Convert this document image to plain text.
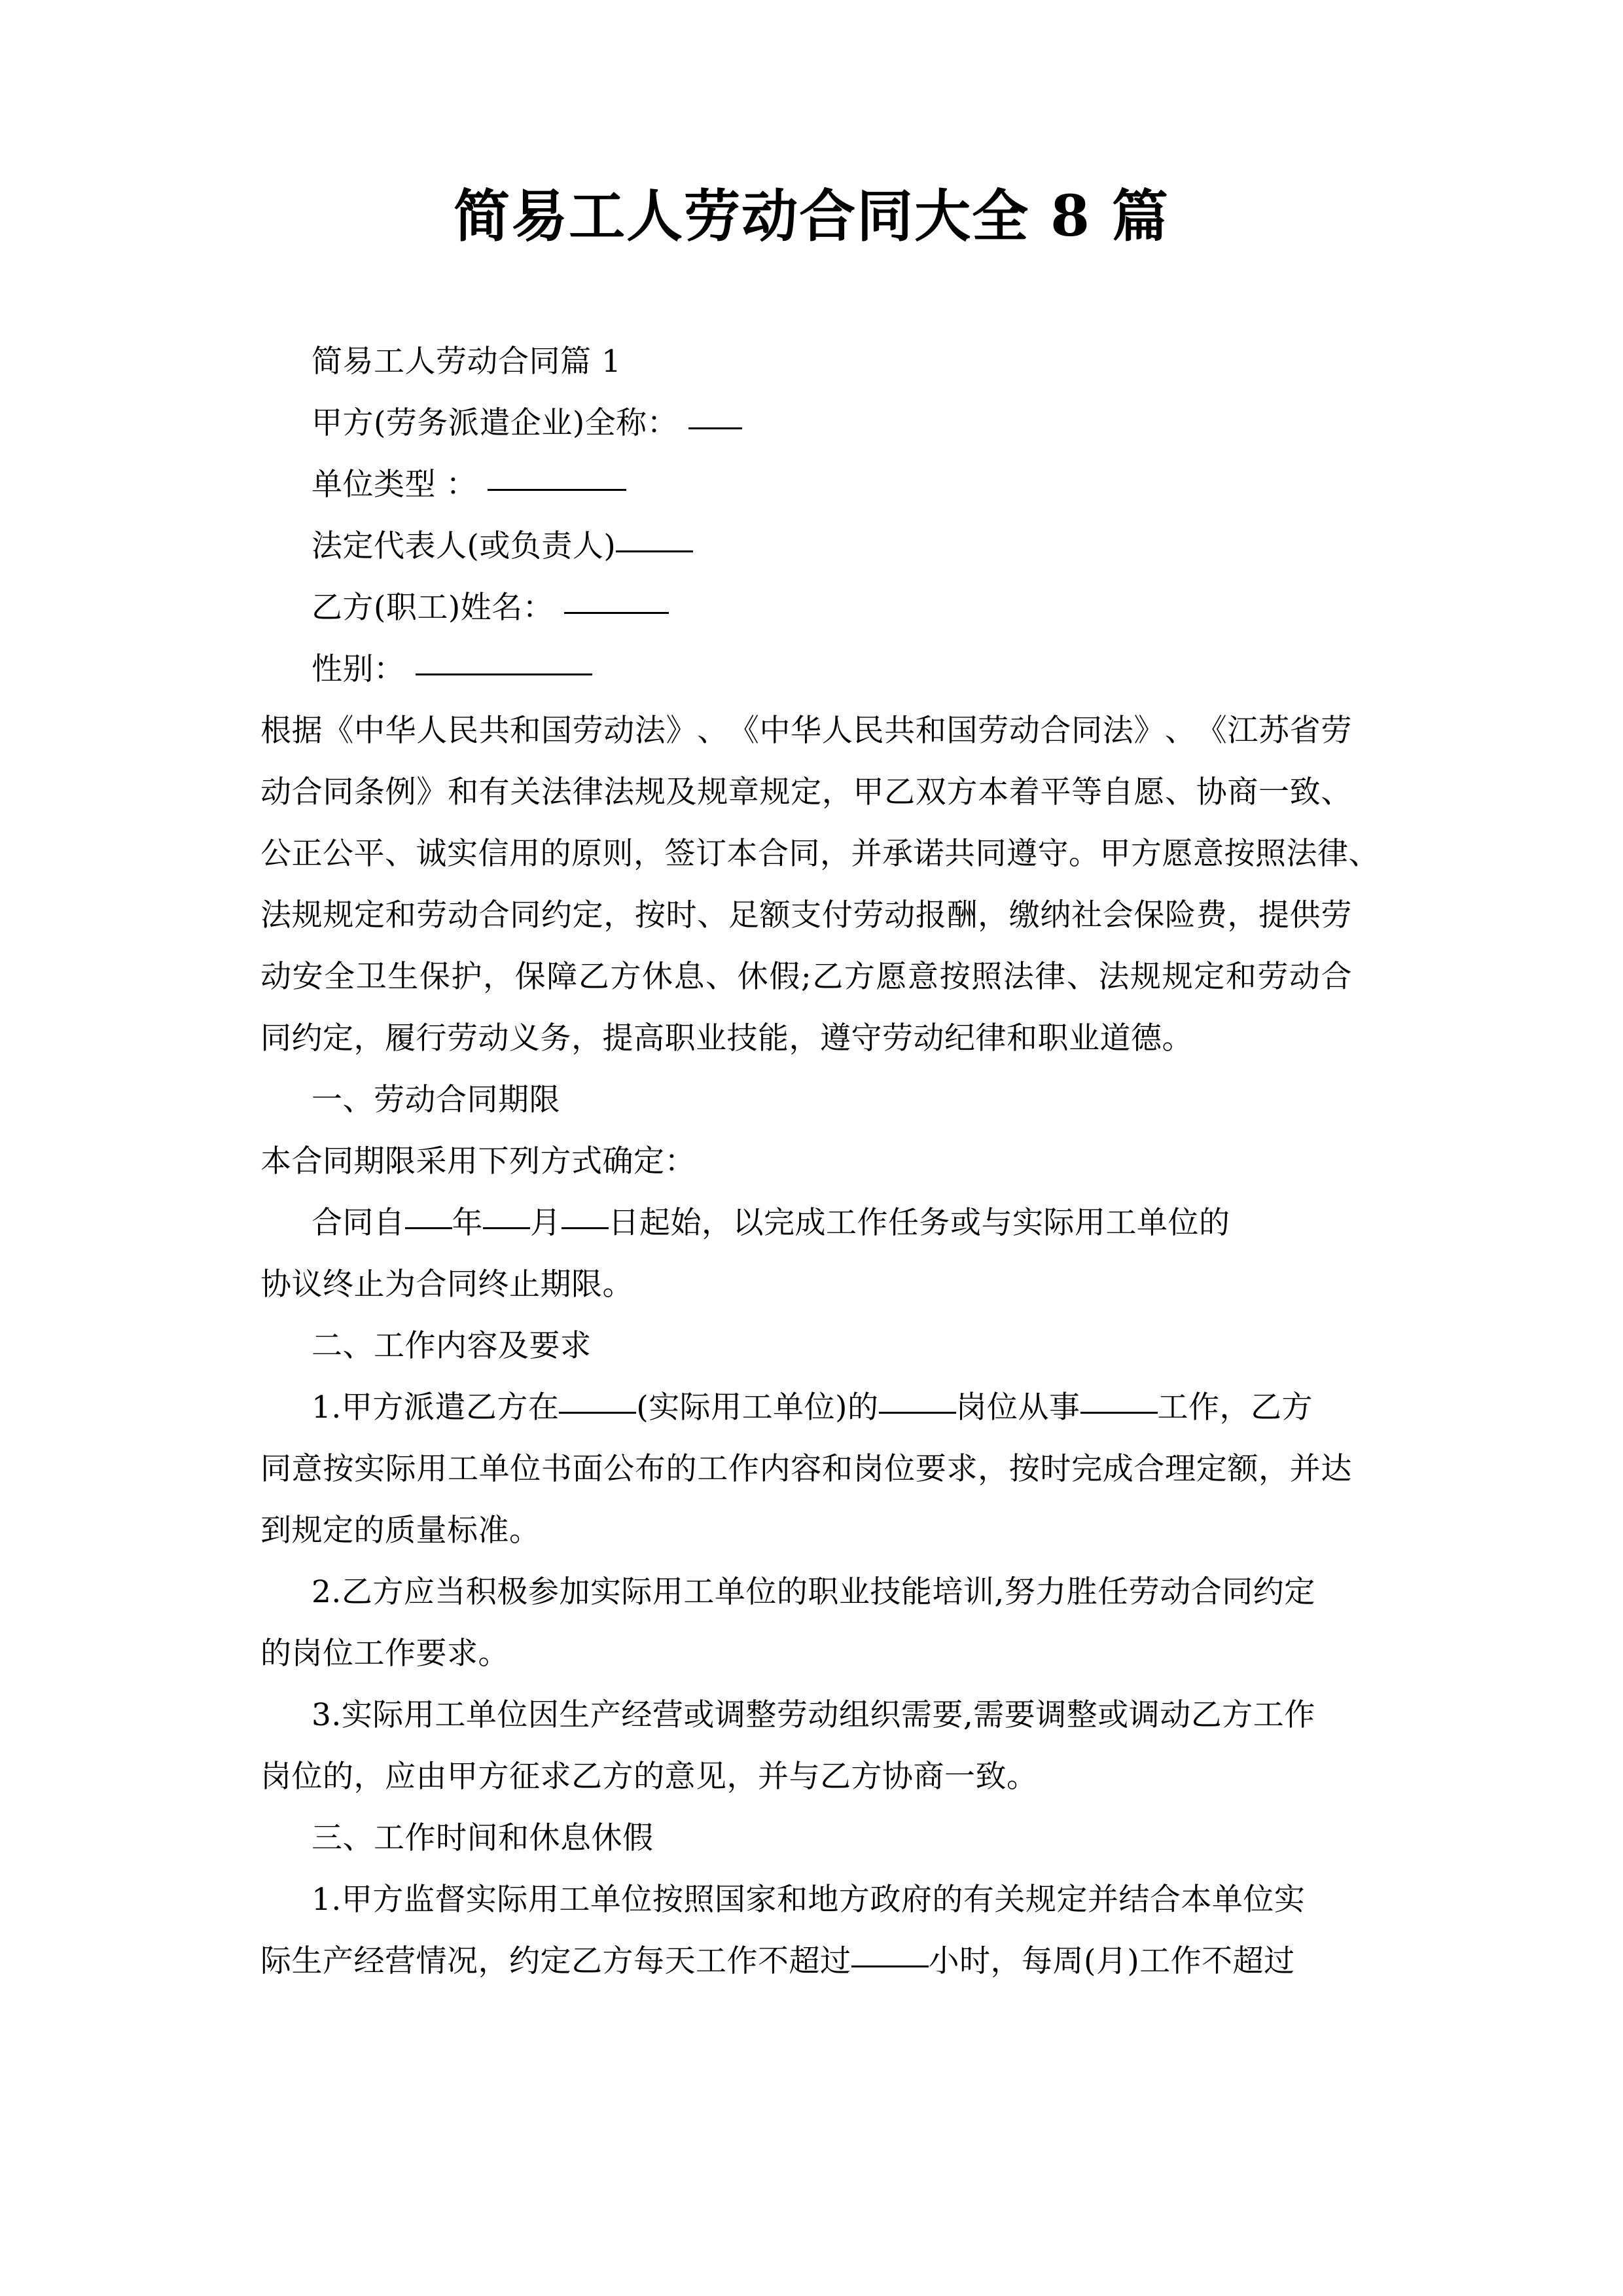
简易工人劳动合同大全 8 篇
简易工人劳动合同篇 1
甲方(劳务派遣企业)全称：
单位类型 ：
法定代表人(或负责人)
乙方(职工)姓名：
性别：
根 据 《 中 华 人 民 共 和 国 劳 动 法 》 、 《 中 华 人 民 共 和 国 劳 动 合 同 法 》 、 《 江 苏 省 劳
动 合 同 条 例 》 和 有 关 法 律 法 规 及 规 章 规 定 ， 甲 乙 双 方 本 着 平 等 自 愿 、 协 商 一 致 、
公 正 公 平 、 诚 实 信 用 的 原 则 ， 签 订 本 合 同 ， 并 承 诺 共 同 遵 守 。 甲 方 愿 意 按 照 法 律 、
法 规 规 定 和 劳 动 合 同 约 定 ， 按 时 、 足 额 支 付 劳 动 报 酬 ， 缴 纳 社 会 保 险 费 ， 提 供 劳
动 安 全 卫 生 保 护 ， 保 障 乙 方 休 息 、 休 假 ; 乙 方 愿 意 按 照 法 律 、 法 规 规 定 和 劳 动 合
同约定，履行劳动义务，提高职业技能，遵守劳动纪律和职业道德。
一、劳动合同期限
本合同期限采用下列方式确定：
合同自 年 月 日起始，以完成工作任务或与实际用工单位的
协议终止为合同终止期限。
二、工作内容及要求
1.甲方派遣乙方在	(实际用工单位)的	岗位从事	工作，乙方
同 意 按 实 际 用 工 单 位 书 面 公 布 的 工 作 内 容 和 岗 位 要 求 ， 按 时 完 成 合 理 定 额 ， 并 达
到规定的质量标准。
2.乙方应当积极参加实际用工单位的职业技能培训,努力胜任劳动合同约定
的岗位工作要求。
3.实际用工单位因生产经营或调整劳动组织需要,需要调整或调动乙方工作
岗位的，应由甲方征求乙方的意见，并与乙方协商一致。
三、工作时间和休息休假
1.甲方监督实际用工单位按照国家和地方政府的有关规定并结合本单位实
际生产经营情况，约定乙方每天工作不超过	小时，每周(月)工作不超过
